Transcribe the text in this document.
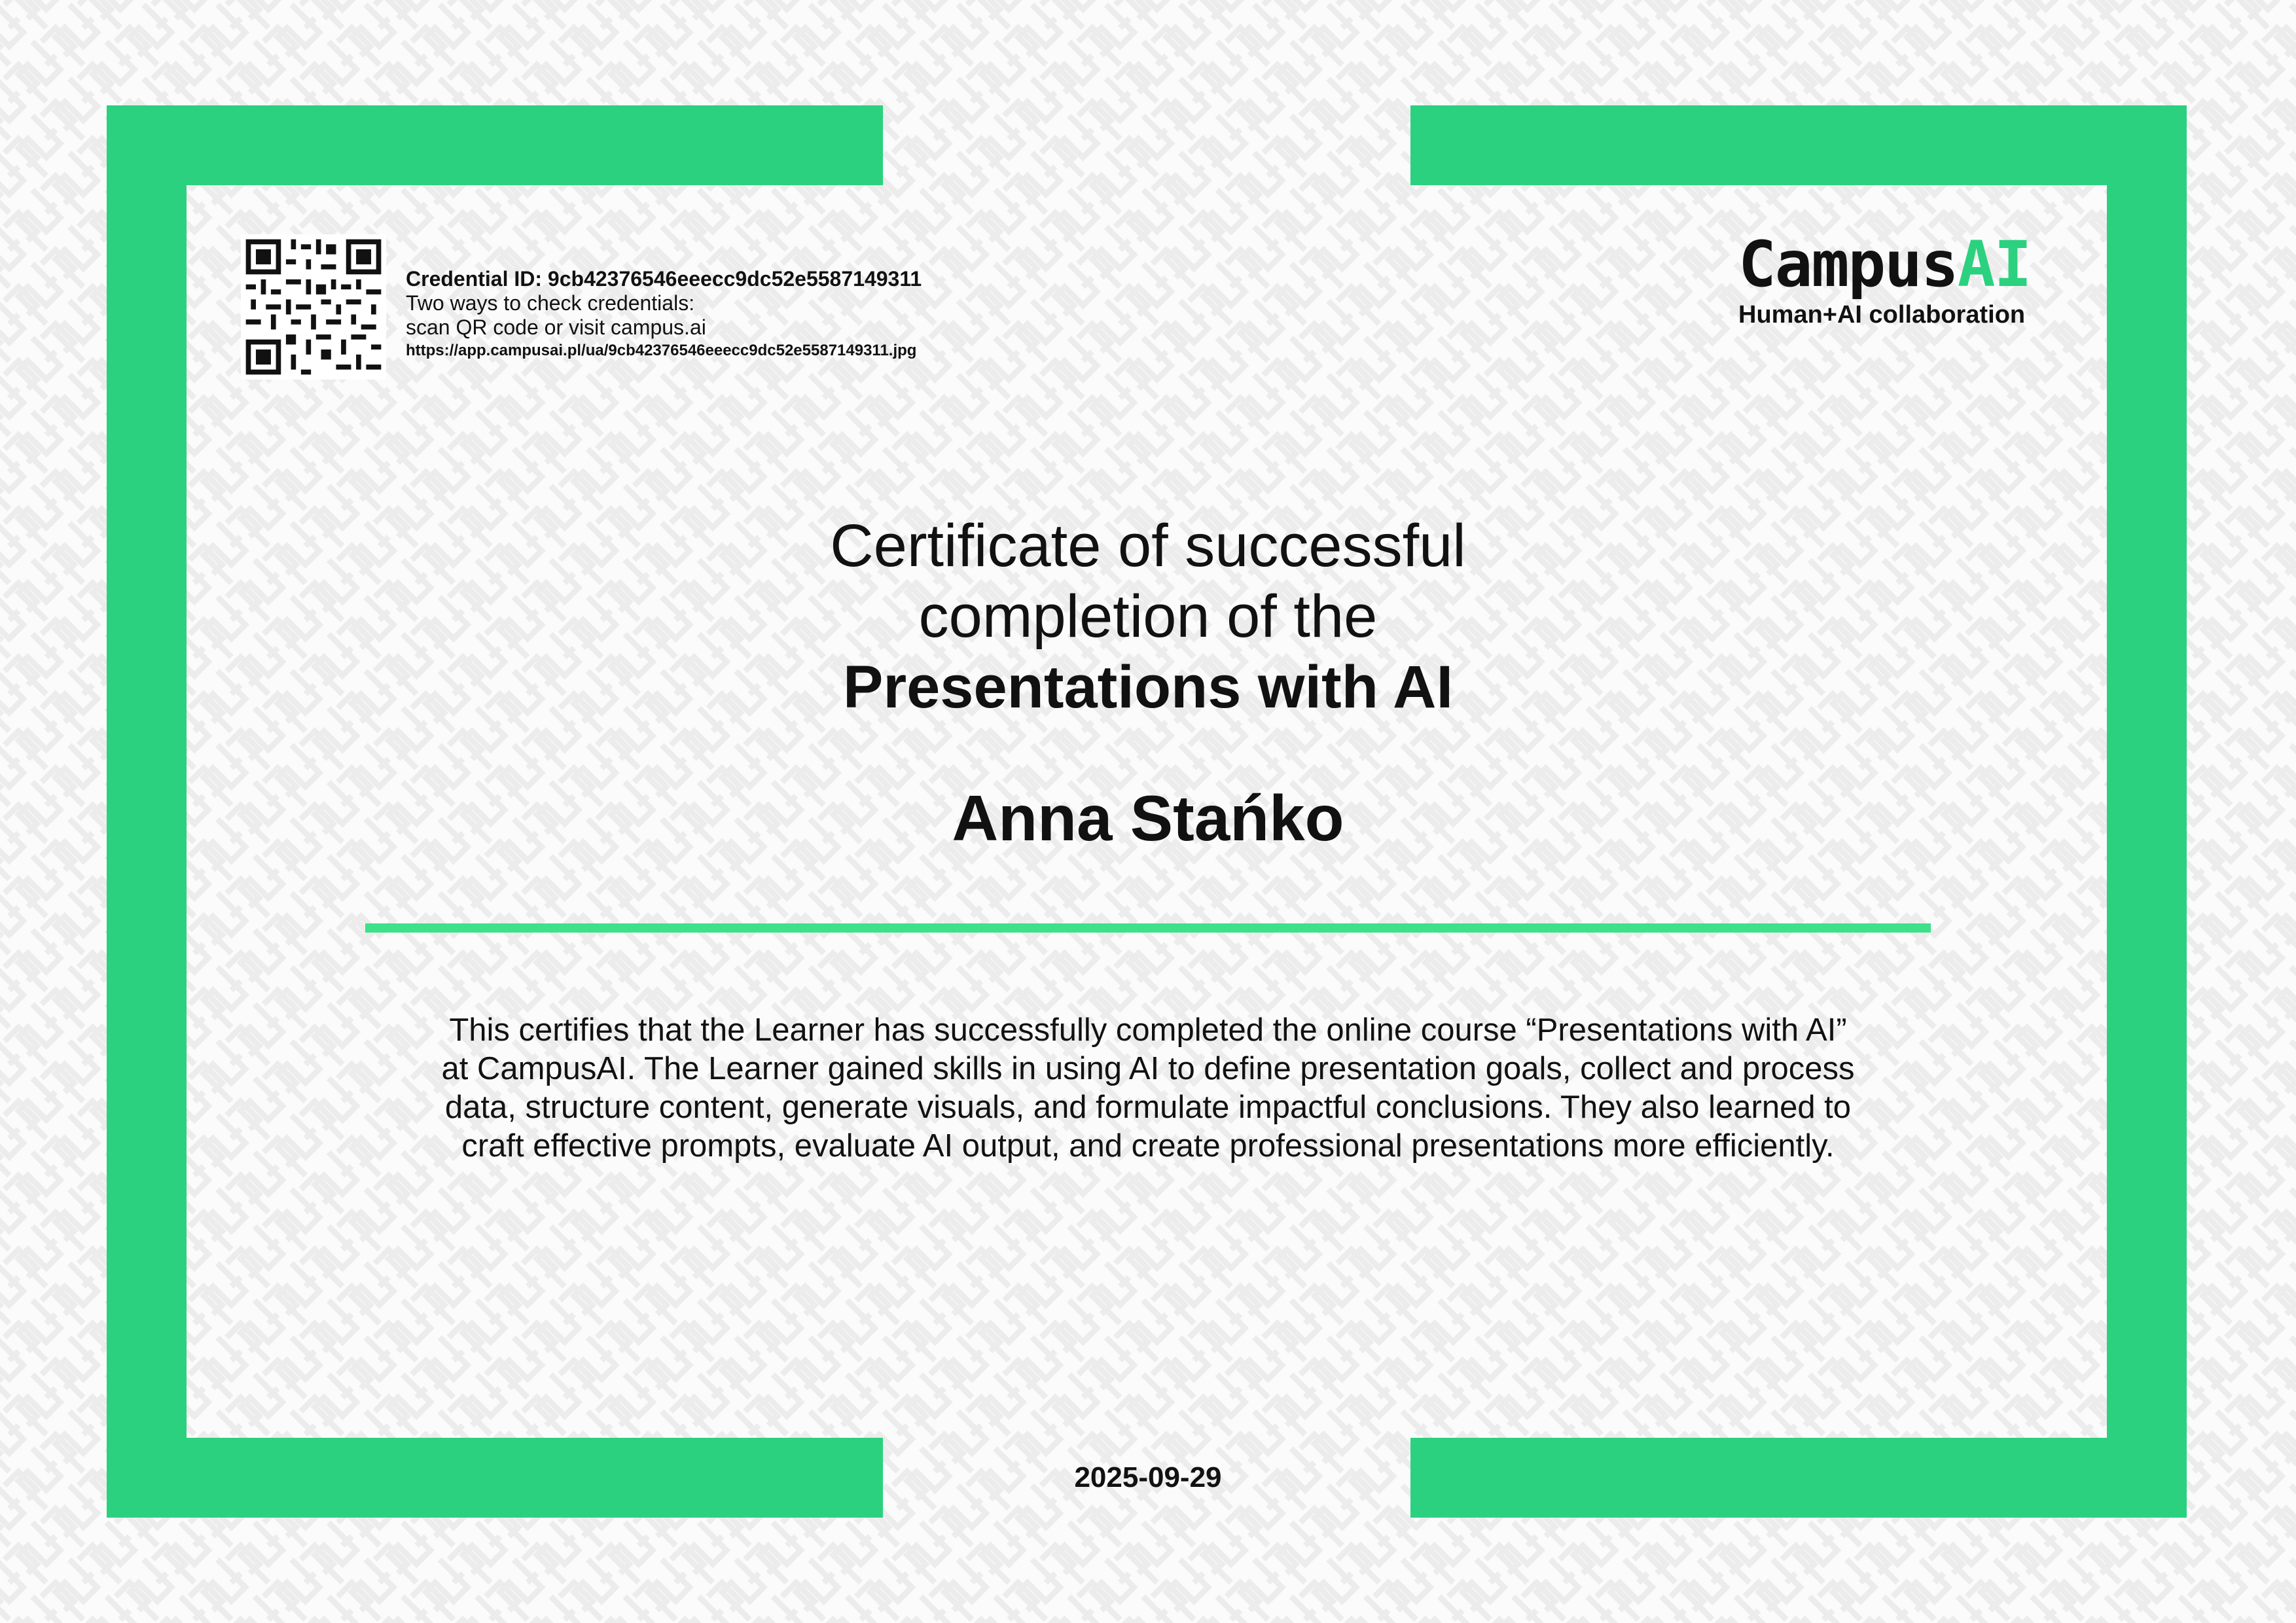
Credential ID: 9cb42376546eeecc9dc52e5587149311
Two ways to check credentials:
scan QR code or visit campus.ai
https://app.campusai.pl/ua/9cb42376546eeecc9dc52e5587149311.jpg
CampusAI
Human+AI collaboration
Certificate of successful
completion of the
Presentations with AI
Anna Stańko
This certifies that the Learner has successfully completed the online course “Presentations with AI” at CampusAI. The Learner gained skills in using AI to define presentation goals, collect and process data, structure content, generate visuals, and formulate impactful conclusions. They also learned to craft effective prompts, evaluate AI output, and create professional presentations more efficiently.
2025-09-29
